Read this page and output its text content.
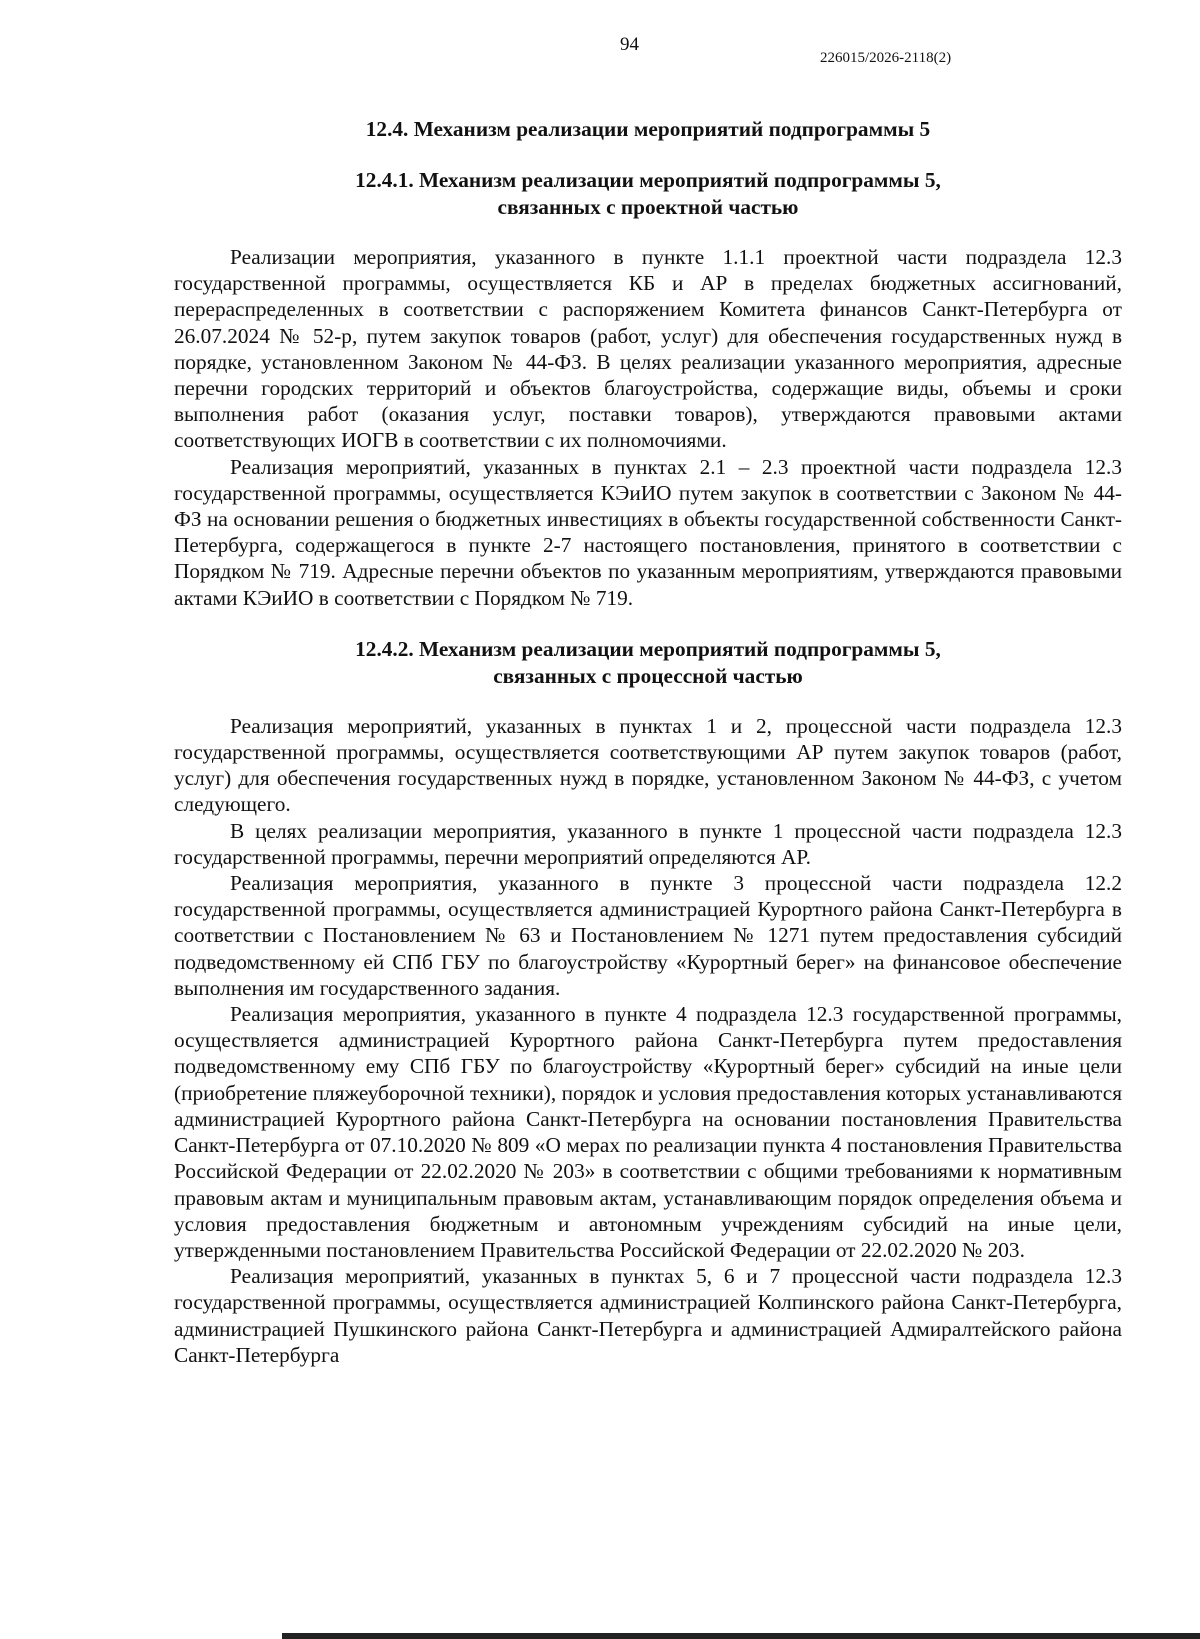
94
226015/2026-2118(2)
12.4. Механизм реализации мероприятий подпрограммы 5
12.4.1. Механизм реализации мероприятий подпрограммы 5,
связанных с проектной частью

Реализации мероприятия, указанного в пункте 1.1.1 проектной части подраздела 12.3 государственной программы, осуществляется КБ и АР в пределах бюджетных ассигнований, перераспределенных в соответствии с распоряжением Комитета финансов Санкт-Петербурга от 26.07.2024 № 52-р, путем закупок товаров (работ, услуг) для обеспечения государственных нужд в порядке, установленном Законом № 44-ФЗ. В целях реализации указанного мероприятия, адресные перечни городских территорий и объектов благоустройства, содержащие виды, объемы и сроки выполнения работ (оказания услуг, поставки товаров), утверждаются правовыми актами соответствующих ИОГВ в соответствии с их полномочиями.

Реализация мероприятий, указанных в пунктах 2.1 – 2.3 проектной части подраздела 12.3 государственной программы, осуществляется КЭиИО путем закупок в соответствии с Законом № 44-ФЗ на основании решения о бюджетных инвестициях в объекты государственной собственности Санкт-Петербурга, содержащегося в пункте 2-7 настоящего постановления, принятого в соответствии с Порядком № 719. Адресные перечни объектов по указанным мероприятиям, утверждаются правовыми актами КЭиИО в соответствии с Порядком № 719.

12.4.2. Механизм реализации мероприятий подпрограммы 5,
связанных с процессной частью

Реализация мероприятий, указанных в пунктах 1 и 2, процессной части подраздела 12.3 государственной программы, осуществляется соответствующими АР путем закупок товаров (работ, услуг) для обеспечения государственных нужд в порядке, установленном Законом № 44-ФЗ, с учетом следующего.

В целях реализации мероприятия, указанного в пункте 1 процессной части подраздела 12.3 государственной программы, перечни мероприятий определяются АР.

Реализация мероприятия, указанного в пункте 3 процессной части подраздела 12.2 государственной программы, осуществляется администрацией Курортного района Санкт-Петербурга в соответствии с Постановлением № 63 и Постановлением № 1271 путем предоставления субсидий подведомственному ей СПб ГБУ по благоустройству «Курортный берег» на финансовое обеспечение выполнения им государственного задания.

Реализация мероприятия, указанного в пункте 4 подраздела 12.3 государственной программы, осуществляется администрацией Курортного района Санкт-Петербурга путем предоставления подведомственному ему СПб ГБУ по благоустройству «Курортный берег» субсидий на иные цели (приобретение пляжеуборочной техники), порядок и условия предоставления которых устанавливаются администрацией Курортного района Санкт-Петербурга на основании постановления Правительства Санкт-Петербурга от 07.10.2020 № 809 «О мерах по реализации пункта 4 постановления Правительства Российской Федерации от 22.02.2020 № 203» в соответствии с общими требованиями к нормативным правовым актам и муниципальным правовым актам, устанавливающим порядок определения объема и условия предоставления бюджетным и автономным учреждениям субсидий на иные цели, утвержденными постановлением Правительства Российской Федерации от 22.02.2020 № 203.

Реализация мероприятий, указанных в пунктах 5, 6 и 7 процессной части подраздела 12.3 государственной программы, осуществляется администрацией Колпинского района Санкт-Петербурга, администрацией Пушкинского района Санкт-Петербурга и администрацией Адмиралтейского района Санкт-Петербурга
